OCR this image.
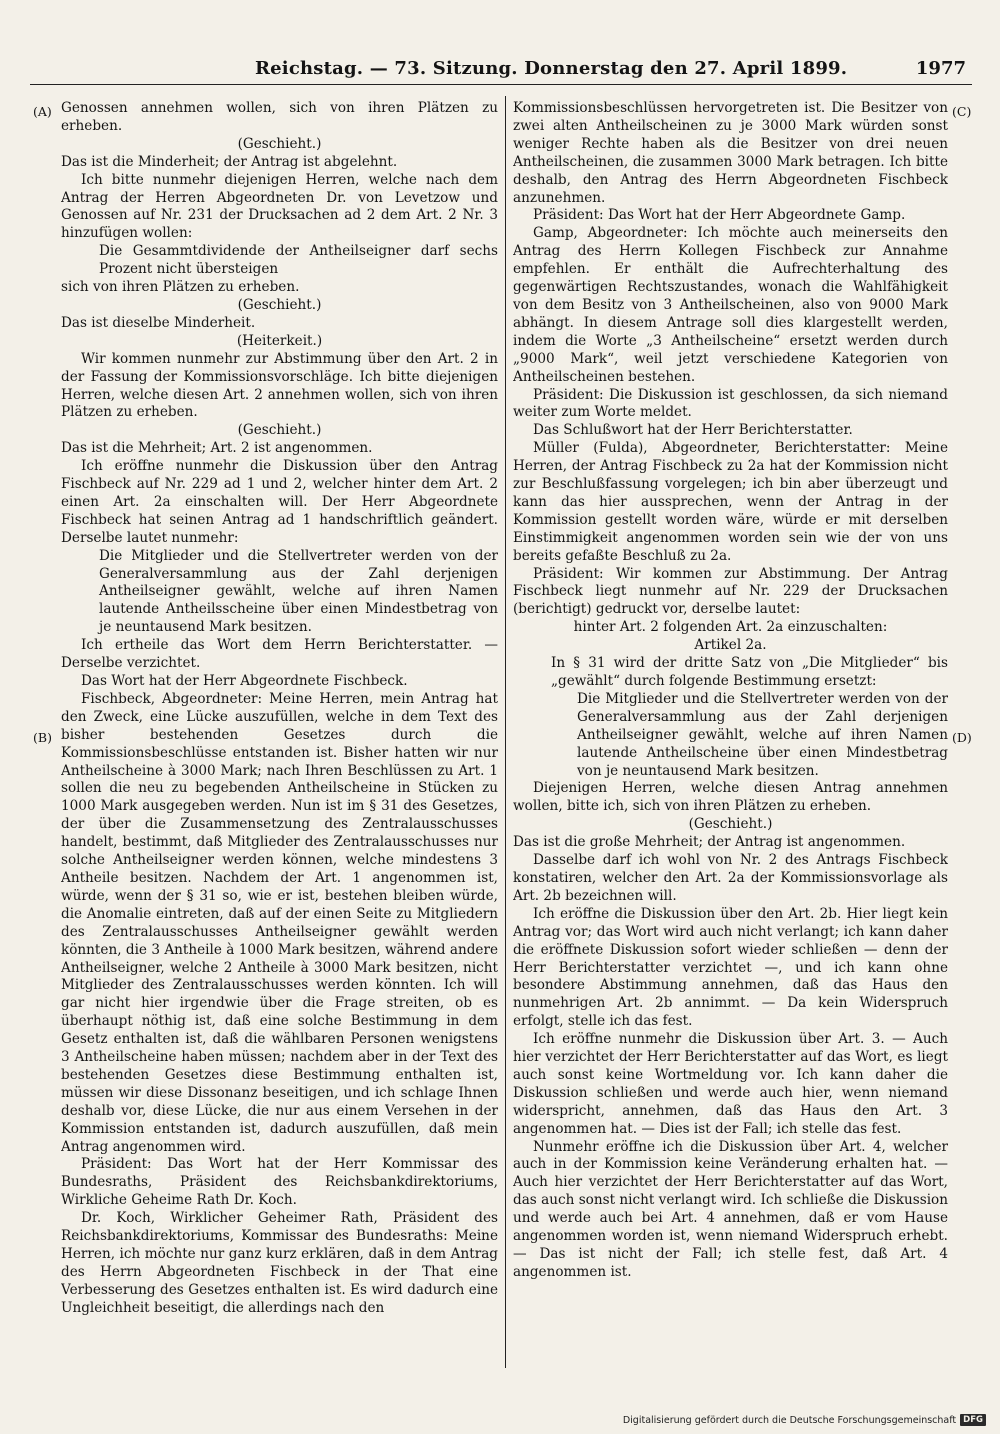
Reichstag. — 73. Sitzung. Donnerstag den 27. April 1899.	1977
(A)
(B)
(C)
(D)

Genossen annehmen wollen, sich von ihren Plätzen zu erheben.

(Geschieht.)

Das ist die Minderheit; der Antrag ist abgelehnt.

Ich bitte nunmehr diejenigen Herren, welche nach dem Antrag der Herren Abgeordneten Dr. von Levetzow und Genossen auf Nr. 231 der Drucksachen ad 2 dem Art. 2 Nr. 3 hinzufügen wollen:

Die Gesammtdividende der Antheilseigner darf sechs Prozent nicht übersteigen

sich von ihren Plätzen zu erheben.

(Geschieht.)

Das ist dieselbe Minderheit.

(Heiterkeit.)

Wir kommen nunmehr zur Abstimmung über den Art. 2 in der Fassung der Kommissionsvorschläge. Ich bitte diejenigen Herren, welche diesen Art. 2 annehmen wollen, sich von ihren Plätzen zu erheben.

(Geschieht.)

Das ist die Mehrheit; Art. 2 ist angenommen.

Ich eröffne nunmehr die Diskussion über den Antrag Fischbeck auf Nr. 229 ad 1 und 2, welcher hinter dem Art. 2 einen Art. 2a einschalten will. Der Herr Abgeordnete Fischbeck hat seinen Antrag ad 1 handschriftlich geändert. Derselbe lautet nunmehr:

Die Mitglieder und die Stellvertreter werden von der Generalversammlung aus der Zahl derjenigen Antheilseigner gewählt, welche auf ihren Namen lautende Antheilsscheine über einen Mindestbetrag von je neuntausend Mark besitzen.

Ich ertheile das Wort dem Herrn Berichterstatter. — Derselbe verzichtet.

Das Wort hat der Herr Abgeordnete Fischbeck.

Fischbeck, Abgeordneter: Meine Herren, mein Antrag hat den Zweck, eine Lücke auszufüllen, welche in dem Text des bisher bestehenden Gesetzes durch die Kommissionsbeschlüsse entstanden ist. Bisher hatten wir nur Antheilscheine à 3000 Mark; nach Ihren Beschlüssen zu Art. 1 sollen die neu zu begebenden Antheilscheine in Stücken zu 1000 Mark ausgegeben werden. Nun ist im § 31 des Gesetzes, der über die Zusammensetzung des Zentralausschusses handelt, bestimmt, daß Mitglieder des Zentralausschusses nur solche Antheilseigner werden können, welche mindestens 3 Antheile besitzen. Nachdem der Art. 1 angenommen ist, würde, wenn der § 31 so, wie er ist, bestehen bleiben würde, die Anomalie eintreten, daß auf der einen Seite zu Mitgliedern des Zentralausschusses Antheilseigner gewählt werden könnten, die 3 Antheile à 1000 Mark besitzen, während andere Antheilseigner, welche 2 Antheile à 3000 Mark besitzen, nicht Mitglieder des Zentralausschusses werden könnten. Ich will gar nicht hier irgendwie über die Frage streiten, ob es überhaupt nöthig ist, daß eine solche Bestimmung in dem Gesetz enthalten ist, daß die wählbaren Personen wenigstens 3 Antheilscheine haben müssen; nachdem aber in der Text des bestehenden Gesetzes diese Bestimmung enthalten ist, müssen wir diese Dissonanz beseitigen, und ich schlage Ihnen deshalb vor, diese Lücke, die nur aus einem Versehen in der Kommission entstanden ist, dadurch auszufüllen, daß mein Antrag angenommen wird.

Präsident: Das Wort hat der Herr Kommissar des Bundesraths, Präsident des Reichsbankdirektoriums, Wirkliche Geheime Rath Dr. Koch.

Dr. Koch, Wirklicher Geheimer Rath, Präsident des Reichsbankdirektoriums, Kommissar des Bundesraths: Meine Herren, ich möchte nur ganz kurz erklären, daß in dem Antrag des Herrn Abgeordneten Fischbeck in der That eine Verbesserung des Gesetzes enthalten ist. Es wird dadurch eine Ungleichheit beseitigt, die allerdings nach den

Kommissionsbeschlüssen hervorgetreten ist. Die Besitzer von zwei alten Antheilscheinen zu je 3000 Mark würden sonst weniger Rechte haben als die Besitzer von drei neuen Antheilscheinen, die zusammen 3000 Mark betragen. Ich bitte deshalb, den Antrag des Herrn Abgeordneten Fischbeck anzunehmen.

Präsident: Das Wort hat der Herr Abgeordnete Gamp.

Gamp, Abgeordneter: Ich möchte auch meinerseits den Antrag des Herrn Kollegen Fischbeck zur Annahme empfehlen. Er enthält die Aufrechterhaltung des gegenwärtigen Rechtszustandes, wonach die Wahlfähigkeit von dem Besitz von 3 Antheilscheinen, also von 9000 Mark abhängt. In diesem Antrage soll dies klargestellt werden, indem die Worte „3 Antheilscheine“ ersetzt werden durch „9000 Mark“, weil jetzt verschiedene Kategorien von Antheilscheinen bestehen.

Präsident: Die Diskussion ist geschlossen, da sich niemand weiter zum Worte meldet.

Das Schlußwort hat der Herr Berichterstatter.

Müller (Fulda), Abgeordneter, Berichterstatter: Meine Herren, der Antrag Fischbeck zu 2a hat der Kommission nicht zur Beschlußfassung vorgelegen; ich bin aber überzeugt und kann das hier aussprechen, wenn der Antrag in der Kommission gestellt worden wäre, würde er mit derselben Einstimmigkeit angenommen worden sein wie der von uns bereits gefaßte Beschluß zu 2a.

Präsident: Wir kommen zur Abstimmung. Der Antrag Fischbeck liegt nunmehr auf Nr. 229 der Drucksachen (berichtigt) gedruckt vor, derselbe lautet:

hinter Art. 2 folgenden Art. 2a einzuschalten:

Artikel 2a.

In § 31 wird der dritte Satz von „Die Mitglieder“ bis „gewählt“ durch folgende Bestimmung ersetzt:

Die Mitglieder und die Stellvertreter werden von der Generalversammlung aus der Zahl derjenigen Antheilseigner gewählt, welche auf ihren Namen lautende Antheilscheine über einen Mindestbetrag von je neuntausend Mark besitzen.

Diejenigen Herren, welche diesen Antrag annehmen wollen, bitte ich, sich von ihren Plätzen zu erheben.

(Geschieht.)

Das ist die große Mehrheit; der Antrag ist angenommen.

Dasselbe darf ich wohl von Nr. 2 des Antrags Fischbeck konstatiren, welcher den Art. 2a der Kommissionsvorlage als Art. 2b bezeichnen will.

Ich eröffne die Diskussion über den Art. 2b. Hier liegt kein Antrag vor; das Wort wird auch nicht verlangt; ich kann daher die eröffnete Diskussion sofort wieder schließen — denn der Herr Berichterstatter verzichtet —, und ich kann ohne besondere Abstimmung annehmen, daß das Haus den nunmehrigen Art. 2b annimmt. — Da kein Widerspruch erfolgt, stelle ich das fest.

Ich eröffne nunmehr die Diskussion über Art. 3. — Auch hier verzichtet der Herr Berichterstatter auf das Wort, es liegt auch sonst keine Wortmeldung vor. Ich kann daher die Diskussion schließen und werde auch hier, wenn niemand widerspricht, annehmen, daß das Haus den Art. 3 angenommen hat. — Dies ist der Fall; ich stelle das fest.

Nunmehr eröffne ich die Diskussion über Art. 4, welcher auch in der Kommission keine Veränderung erhalten hat. — Auch hier verzichtet der Herr Berichterstatter auf das Wort, das auch sonst nicht verlangt wird. Ich schließe die Diskussion und werde auch bei Art. 4 annehmen, daß er vom Hause angenommen worden ist, wenn niemand Widerspruch erhebt. — Das ist nicht der Fall; ich stelle fest, daß Art. 4 angenommen ist.

Digitalisierung gefördert durch die Deutsche Forschungsgemeinschaft DFG
